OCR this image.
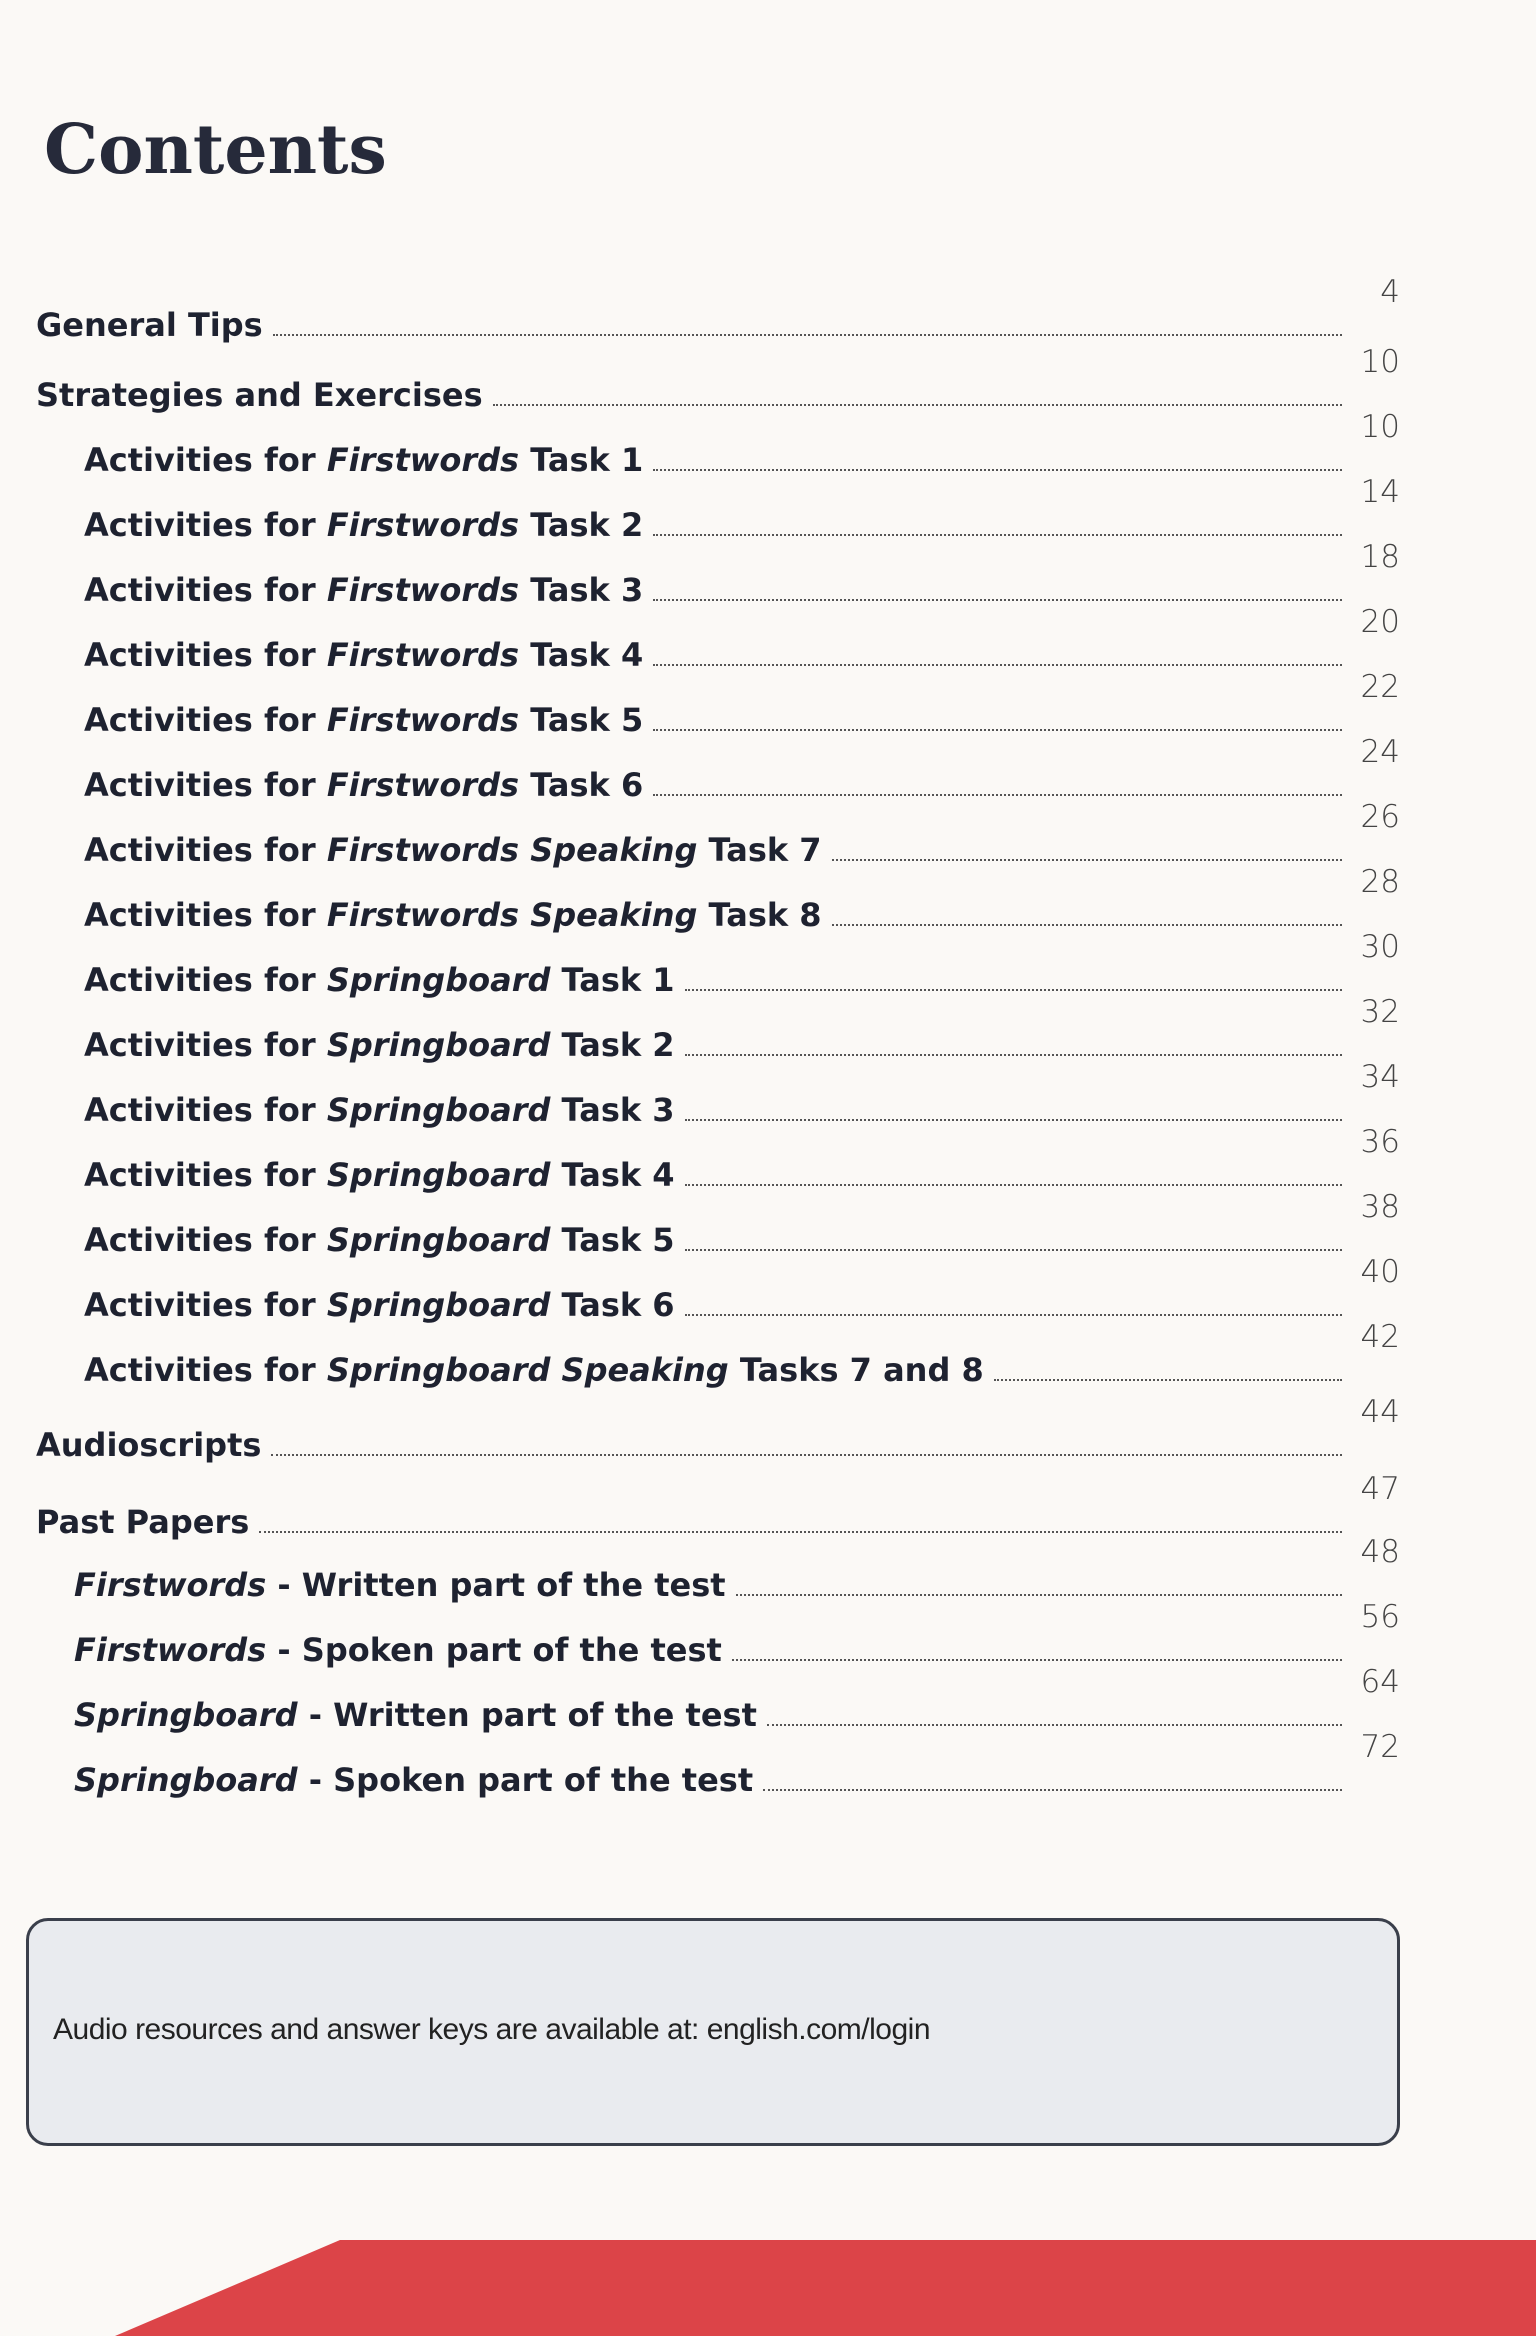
Contents
General Tips
4
Strategies and Exercises
10
Activities for Firstwords Task 1
10
Activities for Firstwords Task 2
14
Activities for Firstwords Task 3
18
Activities for Firstwords Task 4
20
Activities for Firstwords Task 5
22
Activities for Firstwords Task 6
24
Activities for Firstwords Speaking Task 7
26
Activities for Firstwords Speaking Task 8
28
Activities for Springboard Task 1
30
Activities for Springboard Task 2
32
Activities for Springboard Task 3
34
Activities for Springboard Task 4
36
Activities for Springboard Task 5
38
Activities for Springboard Task 6
40
Activities for Springboard Speaking Tasks 7 and 8
42
Audioscripts
44
Past Papers
47
Firstwords - Written part of the test
48
Firstwords - Spoken part of the test
56
Springboard - Written part of the test
64
Springboard - Spoken part of the test
72
Audio resources and answer keys are available at: english.com/login
